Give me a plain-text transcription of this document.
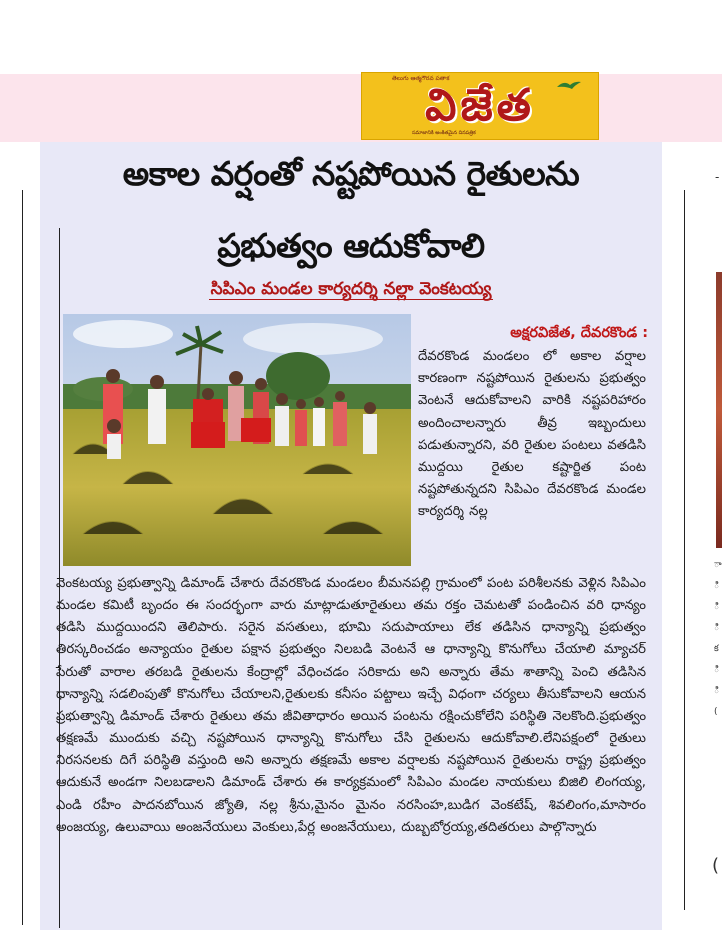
తెలుగు ఆత్మగౌరవ పతాక
విజేత
సమాజానికి అంకితమైన దినపత్రిక
-
ా
ి
ి
ి
క
ి
ి
(
(
అకాల వర్షంతో నష్టపోయిన రైతులను
ప్రభుత్వం ఆదుకోవాలి
సిపిఎం మండల కార్యదర్శి నల్లా వెంకటయ్య
అక్షరవిజేత, దేవరకొండ :
దేవరకొండ మండలం లో అకాల వర్షాల కారణంగా నష్టపోయిన రైతులను ప్రభుత్వం వెంటనే ఆదుకోవాలని వారికి నష్టపరిహారం అందించాలన్నారు తీవ్ర ఇబ్బందులు పడుతున్నారని, వరి రైతుల పంటలు వతడిసి ముద్దయి రైతుల కష్టార్జిత పంట నష్టపోతున్నదని సిపిఎం దేవరకొండ మండల కార్యదర్శి నల్ల
వెంకటయ్య ప్రభుత్వాన్ని డిమాండ్ చేశారు దేవరకొండ మండలం బీమనపల్లి గ్రామంలో పంట పరిశీలనకు వెళ్లిన సిపిఎం మండల కమిటీ బృందం ఈ సందర్భంగా వారు మాట్లాడుతూరైతులు తమ రక్తం చెమటతో పండించిన వరి ధాన్యం తడిసి ముద్దయిందని తెలిపారు. సరైన వసతులు, భూమి సదుపాయాలు లేక తడిసిన ధాన్యాన్ని ప్రభుత్వం తిరస్కరించడం అన్యాయం రైతుల పక్షాన ప్రభుత్వం నిలబడి వెంటనే ఆ ధాన్యాన్ని కొనుగోలు చేయాలి మ్యాచర్ పేరుతో వారాల తరబడి రైతులను కేంద్రాల్లో వేధించడం సరికాదు అని అన్నారు తేమ శాతాన్ని పెంచి తడిసిన ధాన్యాన్ని సడలింపుతో కొనుగోలు చేయాలని,రైతులకు కనీసం పట్టాలు ఇచ్చే విధంగా చర్యలు తీసుకోవాలని ఆయన ప్రభుత్వాన్ని డిమాండ్ చేశారు రైతులు తమ జీవితాధారం అయిన పంటను రక్షించుకోలేని పరిస్థితి నెలకొంది.ప్రభుత్వం తక్షణమే ముందుకు వచ్చి నష్టపోయిన ధాన్యాన్ని కొనుగోలు చేసి రైతులను ఆదుకోవాలి.లేనిపక్షంలో రైతులు నిరసనలకు దిగే పరిస్థితి వస్తుంది అని అన్నారు తక్షణమే అకాల వర్షాలకు నష్టపోయిన రైతులను రాష్ట్ర ప్రభుత్వం ఆదుకునే అండగా నిలబడాలని డిమాండ్ చేశారు ఈ కార్యక్రమంలో సిపిఎం మండల నాయకులు బిజిలి లింగయ్య, ఎండి రహీం పాదనబోయిన జ్యోతి, నల్ల శ్రీను,మైనం మైనం నరసింహ,బుడిగ వెంకటేష్, శివలింగం,మాసారం అంజయ్య, ఉలువాయి అంజనేయులు వెంకులు,పేర్ల అంజనేయులు, దుబ్బబోర్రయ్య,తదితరులు పాల్గొన్నారు
